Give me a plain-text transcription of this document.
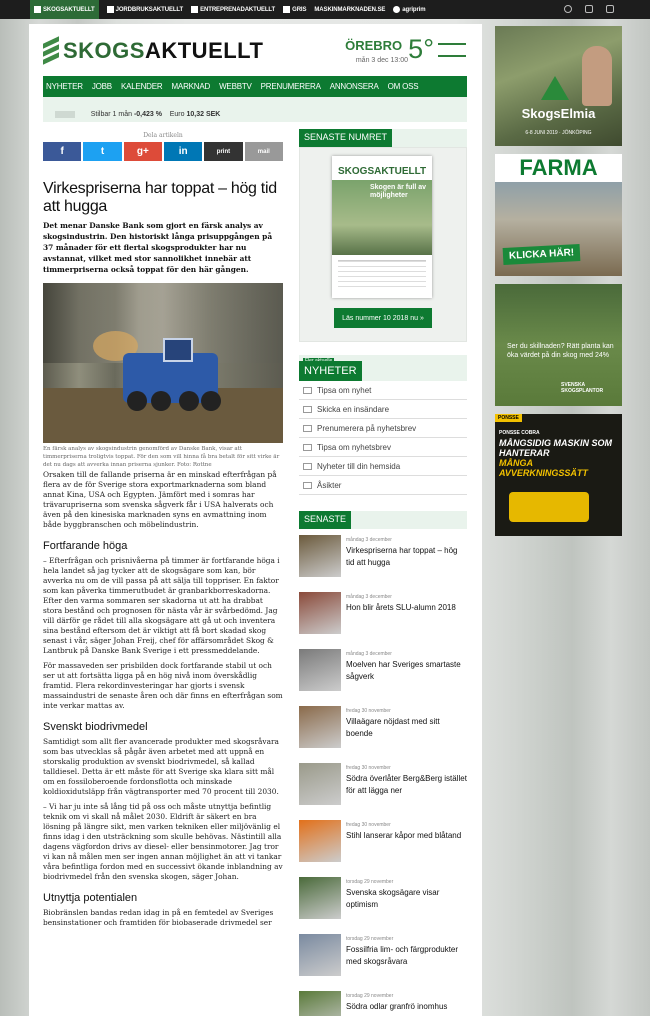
SKOGSAKTUELLT	JORDBRUKSAKTUELLT	ENTREPRENADAKTUELLT	GRIS MASKINMARKNADEN.SE	agriprim
SKOGSAKTUELLT	ÖREBRO 5°
mån 3 dec 13:00
NYHETER JOBB KALENDER MARKNAD WEBBTV PRENUMERERA ANNONSERA OM OSS
Stilbar 1 mån -0,423 % Euro 10,32 SEK
Dela artikeln
f	t	g+	in	print	mail
Virkespriserna har toppat – hög tid att hugga

Det menar Danske Bank som gjort en färsk analys av skogsindustrin. Den historiskt långa prisuppgången på 37 månader för ett flertal skogsprodukter har nu avstannat, vilket med stor sannolikhet innebär att timmerpriserna också toppat för den här gången.

En färsk analys av skogsindustrin genomförd av Danske Bank, visar att timmerpriserna troligtvis toppat. För den som vill hinna få bra betalt för sitt virke är det nu dags att avverka innan priserna sjunker. Foto: Rottne

Orsaken till de fallande priserna är en minskad efterfrågan på flera av de för Sverige stora exportmarknaderna som bland annat Kina, USA och Egypten. Jämfört med i somras har trävarupriserna som svenska sågverk får i USA halverats och även på den kinesiska marknaden syns en avmattning inom både byggbranschen och möbelindustrin.

Fortfarande höga

– Efterfrågan och prisnivåerna på timmer är fortfarande höga i hela landet så jag tycker att de skogsägare som kan, bör avverka nu om de vill passa på att sälja till toppriser. En faktor som kan påverka timmerutbudet är granbarkborreskadorna. Efter den varma sommaren ser skadorna ut att ha drabbat stora bestånd och prognosen för nästa vår är svårbedömd. Jag vill därför ge rådet till alla skogsägare att gå ut och inventera sina bestånd eftersom det är viktigt att få bort skadad skog senast i vår, säger Johan Freij, chef för affärsområdet Skog & Lantbruk på Danske Bank Sverige i ett pressmeddelande.

För massaveden ser prisbilden dock fortfarande stabil ut och ser ut att fortsätta ligga på en hög nivå inom överskådlig framtid. Flera rekordinvesteringar har gjorts i svensk massaindustri de senaste åren och där finns en efterfrågan som inte verkar mattas av.

Svenskt biodrivmedel

Samtidigt som allt fler avancerade produkter med skogsråvara som bas utvecklas så pågår även arbetet med att uppnå en storskalig produktion av svenskt biodrivmedel, så kallad talldiesel. Detta är ett måste för att Sverige ska klara sitt mål om en fossiloberoende fordonsflotta och minskade koldioxidutsläpp från vägtransporter med 70 procent till 2030.

– Vi har ju inte så lång tid på oss och måste utnyttja befintlig teknik om vi skall nå målet 2030. Eldrift är säkert en bra lösning på längre sikt, men varken tekniken eller miljövänlig el finns idag i den utsträckning som skulle behövas. Nästintill alla dagens vägfordon drivs av diesel- eller bensinmotorer. Jag tror vi kan nå målen men ser ingen annan möjlighet än att vi tankar våra befintliga fordon med en successivt ökande inblandning av biodrivmedel från den svenska skogen, säger Johan.

Utnyttja potentialen

Biobränslen bandas redan idag in på en femtedel av Sveriges bensinstationer och framtiden för biobaserade drivmedel ser

SENASTE NUMRET
SKOGSAKTUELLT
Skogen är full av möjligheter
Läs nummer 10 2018 nu »
NYHETER
Tipsa om nyhet
Skicka en insändare
Prenumerera på nyhetsbrev
Tipsa om nyhetsbrev
Nyheter till din hemsida
Åsikter
SENASTE
måndag 3 december
Virkespriserna har toppat – hög tid att hugga
måndag 3 december
Hon blir årets SLU-alumn 2018
måndag 3 december
Moelven har Sveriges smartaste sågverk
fredag 30 november
Villaägare nöjdast med sitt boende
fredag 30 november
Södra överlåter Berg&Berg istället för att lägga ner
fredag 30 november
Stihl lanserar kåpor med blåtand
torsdag 29 november
Svenska skogsägare visar optimism
torsdag 29 november
Fossilfria lim- och färgprodukter med skogsråvara
torsdag 29 november
Södra odlar granfrö inomhus
SkogsElmia
6-8 JUNI 2019 · JÖNKÖPING
FARMA
KLICKA HÄR!
Ser du skillnaden? Rätt planta kan öka värdet på din skog med 24%
SVENSKA SKOGSPLANTOR
PONSSE
PONSSE COBRA
MÅNGSIDIG MASKIN SOM HANTERAR
MÅNGA AVVERKNINGSSÄTT
